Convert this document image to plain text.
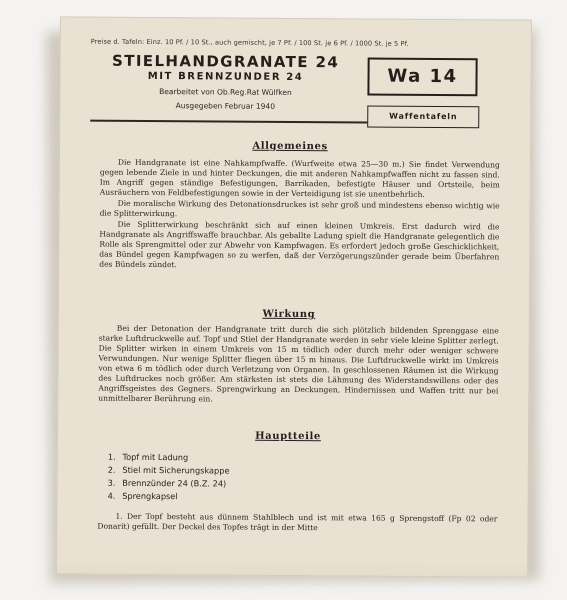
Preise d. Tafeln: Einz. 10 Pf. / 10 St., auch gemischt, je 7 Pf. / 100 St. je 6 Pf. / 1000 St. je 5 Pf.
STIELHANDGRANATE 24
MIT BRENNZUNDER 24
Bearbeitet von Ob.Reg.Rat Wülfken
Ausgegeben Februar 1940
Wa 14
Waffentafeln
Allgemeines

Die Handgranate ist eine Nahkampfwaffe. (Wurfweite etwa 25—30 m.) Sie findet Verwendung gegen lebende Ziele in und hinter Deckungen, die mit anderen Nahkampfwaffen nicht zu fassen sind. Im Angriff gegen ständige Befestigungen, Barrikaden, befestigte Häuser und Ortsteile, beim Ausräuchern von Feldbefestigungen sowie in der Verteidigung ist sie unentbehrlich.

Die moralische Wirkung des Detonationsdruckes ist sehr groß und mindestens ebenso wichtig wie die Splitterwirkung.

Die Splitterwirkung beschränkt sich auf einen kleinen Umkreis. Erst dadurch wird die Handgranate als Angriffswaffe brauchbar. Als geballte Ladung spielt die Handgranate gelegentlich die Rolle als Sprengmittel oder zur Abwehr von Kampfwagen. Es erfordert jedoch große Geschicklichkeit, das Bündel gegen Kampfwagen so zu werfen, daß der Verzögerungszünder gerade beim Überfahren des Bündels zündet.

Wirkung

Bei der Detonation der Handgranate tritt durch die sich plötzlich bildenden Sprenggase eine starke Luftdruckwelle auf. Topf und Stiel der Handgranate werden in sehr viele kleine Splitter zerlegt. Die Splitter wirken in einem Umkreis von 15 m tödlich oder durch mehr oder weniger schwere Verwundungen. Nur wenige Splitter fliegen über 15 m hinaus. Die Luftdruckwelle wirkt im Umkreis von etwa 6 m tödlich oder durch Verletzung von Organen. In geschlossenen Räumen ist die Wirkung des Luftdruckes noch größer. Am stärksten ist stets die Lähmung des Widerstandswillens oder des Angriffsgeistes des Gegners. Sprengwirkung an Deckungen, Hindernissen und Waffen tritt nur bei unmittelbarer Berührung ein.

Hauptteile
1. Topf mit Ladung
2. Stiel mit Sicherungskappe
3. Brennzünder 24 (B.Z. 24)
4. Sprengkapsel

1. Der Topf besteht aus dünnem Stahlblech und ist mit etwa 165 g Sprengstoff (Fp 02 oder Donarit) gefüllt. Der Deckel des Topfes trägt in der Mitte
